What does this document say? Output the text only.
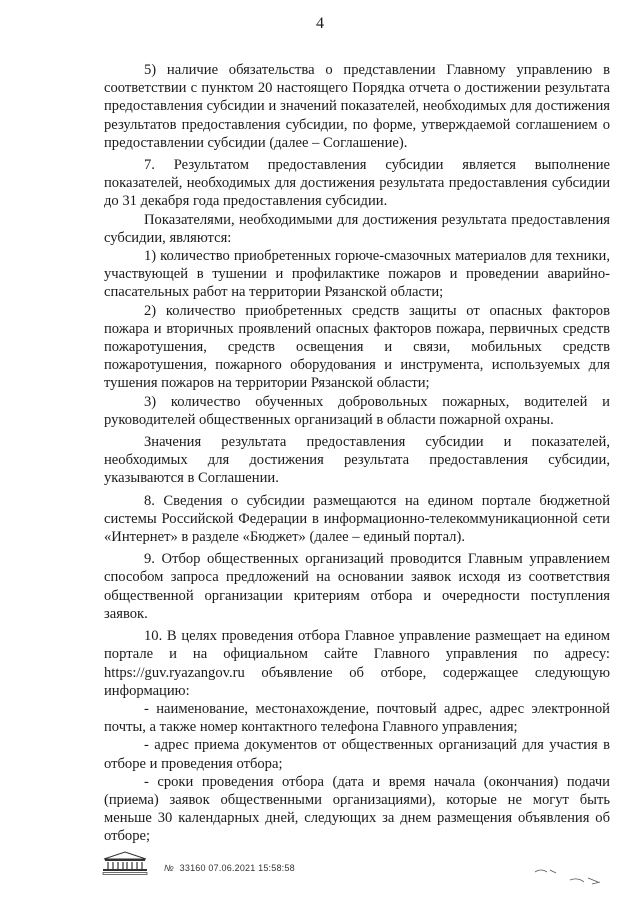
4

5) наличие обязательства о представлении Главному управлению в соответствии с пунктом 20 настоящего Порядка отчета о достижении результата предоставления субсидии и значений показателей, необходимых для достижения результатов предоставления субсидии, по форме, утверждаемой соглашением о предоставлении субсидии (далее – Соглашение).

7. Результатом предоставления субсидии является выполнение показателей, необходимых для достижения результата предоставления субсидии до 31 декабря года предоставления субсидии.

Показателями, необходимыми для достижения результата предоставления субсидии, являются:

1) количество приобретенных горюче-смазочных материалов для техники, участвующей в тушении и профилактике пожаров и проведении аварийно-спасательных работ на территории Рязанской области;

2) количество приобретенных средств защиты от опасных факторов пожара и вторичных проявлений опасных факторов пожара, первичных средств пожаротушения, средств освещения и связи, мобильных средств пожаротушения, пожарного оборудования и инструмента, используемых для тушения пожаров на территории Рязанской области;

3) количество обученных добровольных пожарных, водителей и руководителей общественных организаций в области пожарной охраны.

Значения результата предоставления субсидии и показателей, необходимых для достижения результата предоставления субсидии, указываются в Соглашении.

8. Сведения о субсидии размещаются на едином портале бюджетной системы Российской Федерации в информационно-телекоммуникационной сети «Интернет» в разделе «Бюджет» (далее – единый портал).

9. Отбор общественных организаций проводится Главным управлением способом запроса предложений на основании заявок исходя из соответствия общественной организации критериям отбора и очередности поступления заявок.

10. В целях проведения отбора Главное управление размещает на едином портале и на официальном сайте Главного управления по адресу: https://guv.ryazangov.ru объявление об отборе, содержащее следующую информацию:

- наименование, местонахождение, почтовый адрес, адрес электронной почты, а также номер контактного телефона Главного управления;

- адрес приема документов от общественных организаций для участия в отборе и проведения отбора;

- сроки проведения отбора (дата и время начала (окончания) подачи (приема) заявок общественными организациями), которые не могут быть меньше 30 календарных дней, следующих за днем размещения объявления об отборе;

№ 33160 07.06.2021 15:58:58
